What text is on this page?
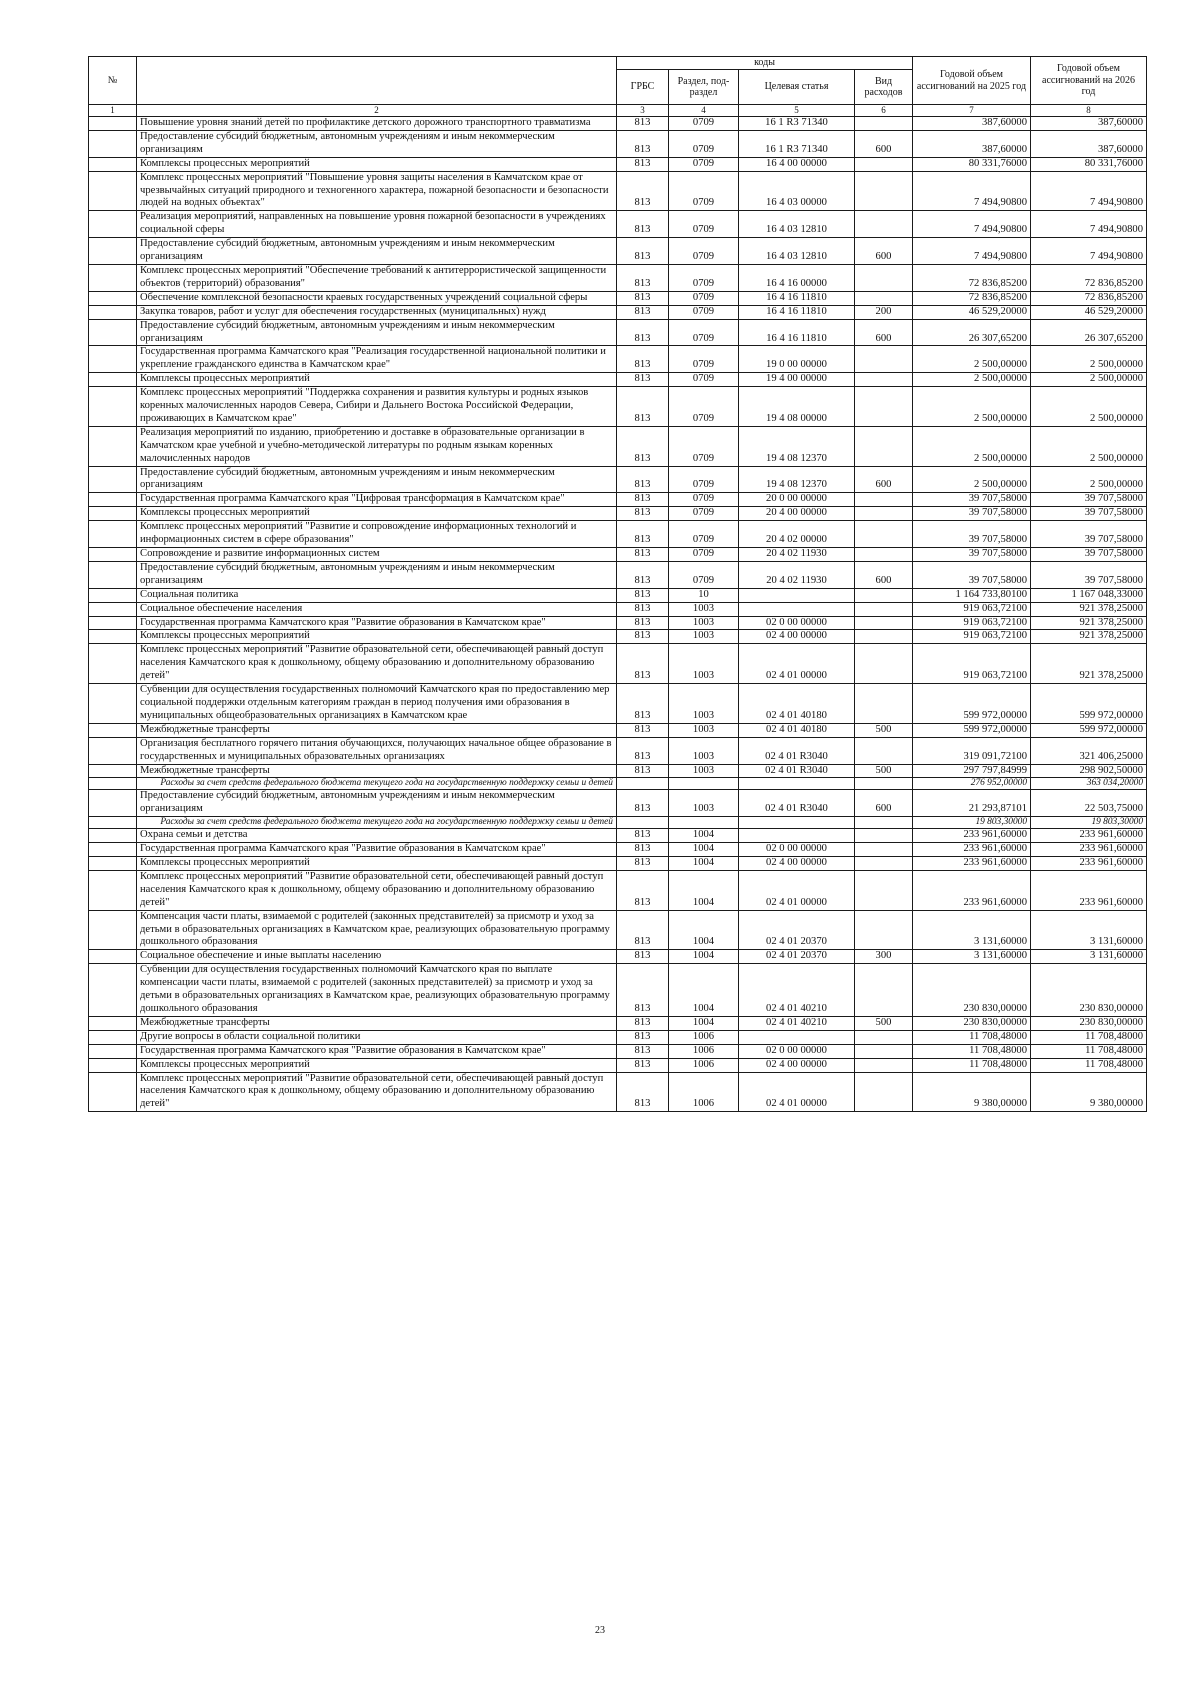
№		коды				Годовой объем ассигнований на 2025 год	Годовой объем ассигнований на 2026 год
		ГРБС	Раздел, под-раздел	Целевая статья	Вид расходов		
1	2	3	4	5	6	7	8
	Повышение уровня знаний детей по профилактике детского дорожного транспортного травматизма	813	0709	16 1 R3 71340		387,60000	387,60000
	Предоставление субсидий бюджетным, автономным учреждениям и иным некоммерческим организациям	813	0709	16 1 R3 71340	600	387,60000	387,60000
	Комплексы процессных мероприятий	813	0709	16 4 00 00000		80 331,76000	80 331,76000
	Комплекс процессных мероприятий "Повышение уровня защиты населения в Камчатском крае от чрезвычайных ситуаций природного и техногенного характера, пожарной безопасности и безопасности людей на водных объектах"	813	0709	16 4 03 00000		7 494,90800	7 494,90800
	Реализация мероприятий, направленных на повышение уровня пожарной безопасности в учреждениях социальной сферы	813	0709	16 4 03 12810		7 494,90800	7 494,90800
	Предоставление субсидий бюджетным, автономным учреждениям и иным некоммерческим организациям	813	0709	16 4 03 12810	600	7 494,90800	7 494,90800
	Комплекс процессных мероприятий "Обеспечение требований к антитеррористической защищенности объектов (территорий) образования"	813	0709	16 4 16 00000		72 836,85200	72 836,85200
	Обеспечение комплексной безопасности краевых государственных учреждений социальной сферы	813	0709	16 4 16 11810		72 836,85200	72 836,85200
	Закупка товаров, работ и услуг для обеспечения государственных (муниципальных) нужд	813	0709	16 4 16 11810	200	46 529,20000	46 529,20000
	Предоставление субсидий бюджетным, автономным учреждениям и иным некоммерческим организациям	813	0709	16 4 16 11810	600	26 307,65200	26 307,65200
	Государственная программа Камчатского края "Реализация государственной национальной политики и укрепление гражданского единства в Камчатском крае"	813	0709	19 0 00 00000		2 500,00000	2 500,00000
	Комплексы процессных мероприятий	813	0709	19 4 00 00000		2 500,00000	2 500,00000
	Комплекс процессных мероприятий "Поддержка сохранения и развития культуры и родных языков коренных малочисленных народов Севера, Сибири и Дальнего Востока Российской Федерации, проживающих в Камчатском крае"	813	0709	19 4 08 00000		2 500,00000	2 500,00000
	Реализация мероприятий по изданию, приобретению и доставке в образовательные организации в Камчатском крае учебной и учебно-методической литературы по родным языкам коренных малочисленных народов	813	0709	19 4 08 12370		2 500,00000	2 500,00000
	Предоставление субсидий бюджетным, автономным учреждениям и иным некоммерческим организациям	813	0709	19 4 08 12370	600	2 500,00000	2 500,00000
	Государственная программа Камчатского края "Цифровая трансформация в Камчатском крае"	813	0709	20 0 00 00000		39 707,58000	39 707,58000
	Комплексы процессных мероприятий	813	0709	20 4 00 00000		39 707,58000	39 707,58000
	Комплекс процессных мероприятий "Развитие и сопровождение информационных технологий и информационных систем в сфере образования"	813	0709	20 4 02 00000		39 707,58000	39 707,58000
	Сопровождение и развитие информационных систем	813	0709	20 4 02 11930		39 707,58000	39 707,58000
	Предоставление субсидий бюджетным, автономным учреждениям и иным некоммерческим организациям	813	0709	20 4 02 11930	600	39 707,58000	39 707,58000
	Социальная политика	813	10			1 164 733,80100	1 167 048,33000
	Социальное обеспечение населения	813	1003			919 063,72100	921 378,25000
	Государственная программа Камчатского края "Развитие образования в Камчатском крае"	813	1003	02 0 00 00000		919 063,72100	921 378,25000
	Комплексы процессных мероприятий	813	1003	02 4 00 00000		919 063,72100	921 378,25000
	Комплекс процессных мероприятий "Развитие образовательной сети, обеспечивающей равный доступ населения Камчатского края к дошкольному, общему образованию и дополнительному образованию детей"	813	1003	02 4 01 00000		919 063,72100	921 378,25000
	Субвенции для осуществления государственных полномочий Камчатского края по предоставлению мер социальной поддержки отдельным категориям граждан в период получения ими образования в муниципальных общеобразовательных организациях в Камчатском крае	813	1003	02 4 01 40180		599 972,00000	599 972,00000
	Межбюджетные трансферты	813	1003	02 4 01 40180	500	599 972,00000	599 972,00000
	Организация бесплатного горячего питания обучающихся, получающих начальное общее образование в государственных и муниципальных образовательных организациях	813	1003	02 4 01 R3040		319 091,72100	321 406,25000
	Межбюджетные трансферты	813	1003	02 4 01 R3040	500	297 797,84999	298 902,50000
	Расходы за счет средств федерального бюджета текущего года на государственную поддержку семьи и детей					276 952,00000	363 034,20000
	Предоставление субсидий бюджетным, автономным учреждениям и иным некоммерческим организациям	813	1003	02 4 01 R3040	600	21 293,87101	22 503,75000
	Расходы за счет средств федерального бюджета текущего года на государственную поддержку семьи и детей					19 803,30000	19 803,30000
	Охрана семьи и детства	813	1004			233 961,60000	233 961,60000
	Государственная программа Камчатского края "Развитие образования в Камчатском крае"	813	1004	02 0 00 00000		233 961,60000	233 961,60000
	Комплексы процессных мероприятий	813	1004	02 4 00 00000		233 961,60000	233 961,60000
	Комплекс процессных мероприятий "Развитие образовательной сети, обеспечивающей равный доступ населения Камчатского края к дошкольному, общему образованию и дополнительному образованию детей"	813	1004	02 4 01 00000		233 961,60000	233 961,60000
	Компенсация части платы, взимаемой с родителей (законных представителей) за присмотр и уход за детьми в образовательных организациях в Камчатском крае, реализующих образовательную программу дошкольного образования	813	1004	02 4 01 20370		3 131,60000	3 131,60000
	Социальное обеспечение и иные выплаты населению	813	1004	02 4 01 20370	300	3 131,60000	3 131,60000
	Субвенции для осуществления государственных полномочий Камчатского края по выплате компенсации части платы, взимаемой с родителей (законных представителей) за присмотр и уход за детьми в образовательных организациях в Камчатском крае, реализующих образовательную программу дошкольного образования	813	1004	02 4 01 40210		230 830,00000	230 830,00000
	Межбюджетные трансферты	813	1004	02 4 01 40210	500	230 830,00000	230 830,00000
	Другие вопросы в области социальной политики	813	1006			11 708,48000	11 708,48000
	Государственная программа Камчатского края "Развитие образования в Камчатском крае"	813	1006	02 0 00 00000		11 708,48000	11 708,48000
	Комплексы процессных мероприятий	813	1006	02 4 00 00000		11 708,48000	11 708,48000
	Комплекс процессных мероприятий "Развитие образовательной сети, обеспечивающей равный доступ населения Камчатского края к дошкольному, общему образованию и дополнительному образованию детей"	813	1006	02 4 01 00000		9 380,00000	9 380,00000
23
